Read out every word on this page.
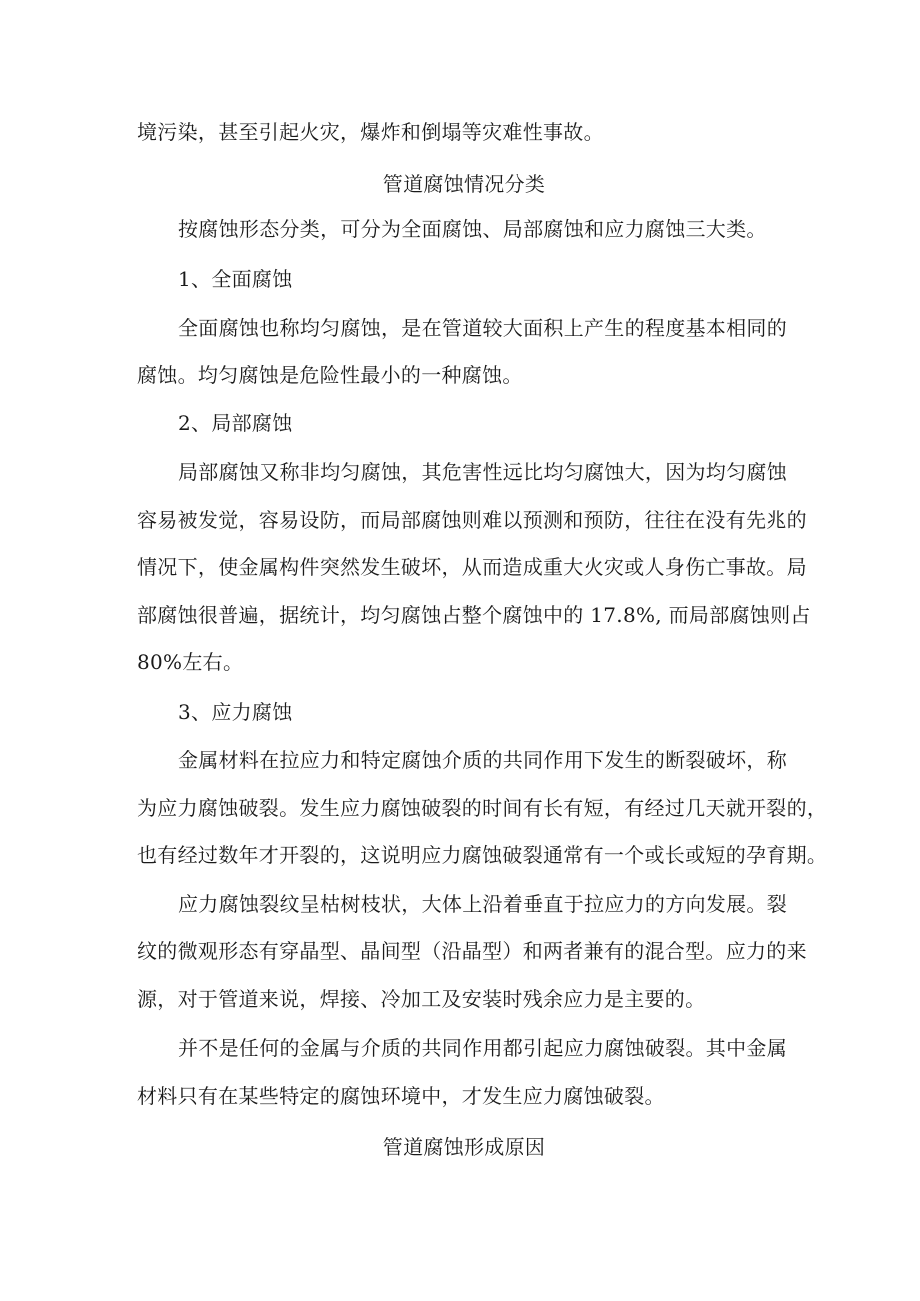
境污染，甚至引起火灾，爆炸和倒塌等灾难性事故。
管道腐蚀情况分类
按腐蚀形态分类，可分为全面腐蚀、局部腐蚀和应力腐蚀三大类。
1、全面腐蚀
全面腐蚀也称均匀腐蚀，是在管道较大面积上产生的程度基本相同的
腐蚀。均匀腐蚀是危险性最小的一种腐蚀。
2、局部腐蚀
局部腐蚀又称非均匀腐蚀，其危害性远比均匀腐蚀大，因为均匀腐蚀
容易被发觉，容易设防，而局部腐蚀则难以预测和预防，往往在没有先兆的
情况下，使金属构件突然发生破坏，从而造成重大火灾或人身伤亡事故。局
部腐蚀很普遍，据统计，均匀腐蚀占整个腐蚀中的 17.8%, 而局部腐蚀则占
80%左右。
3、应力腐蚀
金属材料在拉应力和特定腐蚀介质的共同作用下发生的断裂破坏，称
为应力腐蚀破裂。发生应力腐蚀破裂的时间有长有短，有经过几天就开裂的，
也有经过数年才开裂的，这说明应力腐蚀破裂通常有一个或长或短的孕育期。
应力腐蚀裂纹呈枯树枝状，大体上沿着垂直于拉应力的方向发展。裂
纹的微观形态有穿晶型、晶间型（沿晶型）和两者兼有的混合型。应力的来
源，对于管道来说，焊接、冷加工及安装时残余应力是主要的。
并不是任何的金属与介质的共同作用都引起应力腐蚀破裂。其中金属
材料只有在某些特定的腐蚀环境中，才发生应力腐蚀破裂。
管道腐蚀形成原因
